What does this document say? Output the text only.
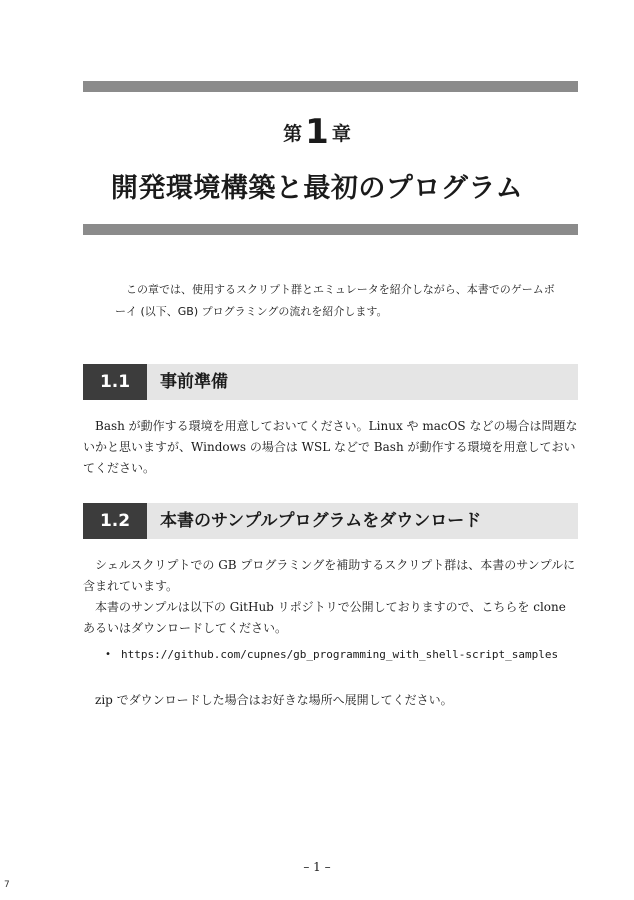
第1 章
開発環境構築と最初のプログラム

この章では、使用するスクリプト群とエミュレータを紹介しながら、本書でのゲームボーイ (以下、GB) プログラミングの流れを紹介します。

1.1	事前準備

Bash が動作する環境を用意しておいてください。Linux や macOS などの場合は問題ないかと思いますが、Windows の場合は WSL などで Bash が動作する環境を用意しておいてください。

1.2	本書のサンプルプログラムをダウンロード

シェルスクリプトでの GB プログラミングを補助するスクリプト群は、本書のサンプルに含まれています。

本書のサンプルは以下の GitHub リポジトリで公開しておりますので、こちらを clone あるいはダウンロードしてください。

• https://github.com/cupnes/gb_programming_with_shell-script_samples

zip でダウンロードした場合はお好きな場所へ展開してください。

– 1 –
7
